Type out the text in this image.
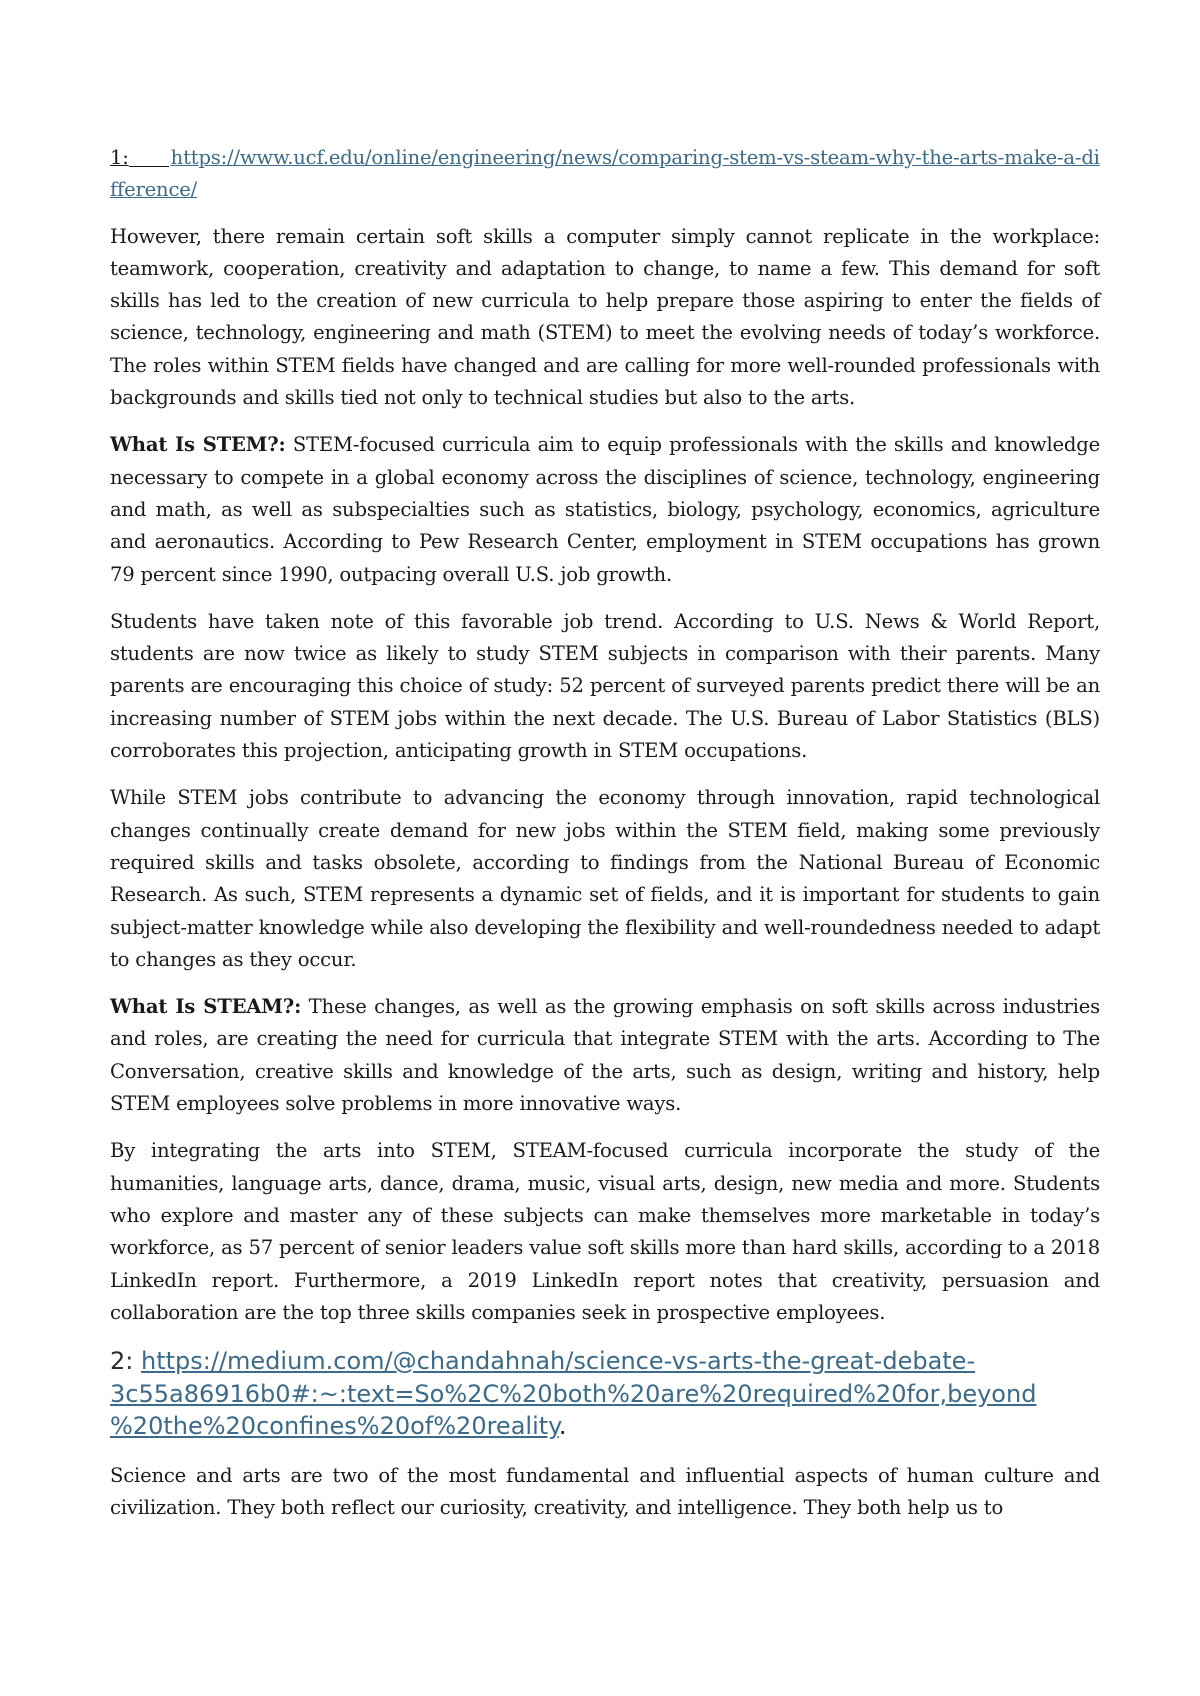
1: https://www.ucf.edu/online/engineering/news/comparing-stem-vs-steam-why-the-arts-make-a-difference/

However, there remain certain soft skills a computer simply cannot replicate in the workplace: teamwork, cooperation, creativity and adaptation to change, to name a few. This demand for soft skills has led to the creation of new curricula to help prepare those aspiring to enter the fields of science, technology, engineering and math (STEM) to meet the evolving needs of today’s workforce. The roles within STEM fields have changed and are calling for more well-rounded professionals with backgrounds and skills tied not only to technical studies but also to the arts.

What Is STEM?: STEM-focused curricula aim to equip professionals with the skills and knowledge necessary to compete in a global economy across the disciplines of science, technology, engineering and math, as well as subspecialties such as statistics, biology, psychology, economics, agriculture and aeronautics. According to Pew Research Center, employment in STEM occupations has grown 79 percent since 1990, outpacing overall U.S. job growth.

Students have taken note of this favorable job trend. According to U.S. News & World Report, students are now twice as likely to study STEM subjects in comparison with their parents. Many parents are encouraging this choice of study: 52 percent of surveyed parents predict there will be an increasing number of STEM jobs within the next decade. The U.S. Bureau of Labor Statistics (BLS) corroborates this projection, anticipating growth in STEM occupations.

While STEM jobs contribute to advancing the economy through innovation, rapid technological changes continually create demand for new jobs within the STEM field, making some previously required skills and tasks obsolete, according to findings from the National Bureau of Economic Research. As such, STEM represents a dynamic set of fields, and it is important for students to gain subject-matter knowledge while also developing the flexibility and well-roundedness needed to adapt to changes as they occur.

What Is STEAM?: These changes, as well as the growing emphasis on soft skills across industries and roles, are creating the need for curricula that integrate STEM with the arts. According to The Conversation, creative skills and knowledge of the arts, such as design, writing and history, help STEM employees solve problems in more innovative ways.

By integrating the arts into STEM, STEAM-focused curricula incorporate the study of the humanities, language arts, dance, drama, music, visual arts, design, new media and more. Students who explore and master any of these subjects can make themselves more marketable in today’s workforce, as 57 percent of senior leaders value soft skills more than hard skills, according to a 2018 LinkedIn report. Furthermore, a 2019 LinkedIn report notes that creativity, persuasion and collaboration are the top three skills companies seek in prospective employees.

2: https://medium.com/@chandahnah/science-vs-arts-the-great-debate-
3c55a86916b0#:~:text=So%2C%20both%20are%20required%20for,beyond
%20the%20confines%20of%20reality.

Science and arts are two of the most fundamental and influential aspects of human culture and civilization. They both reflect our curiosity, creativity, and intelligence. They both help us to
